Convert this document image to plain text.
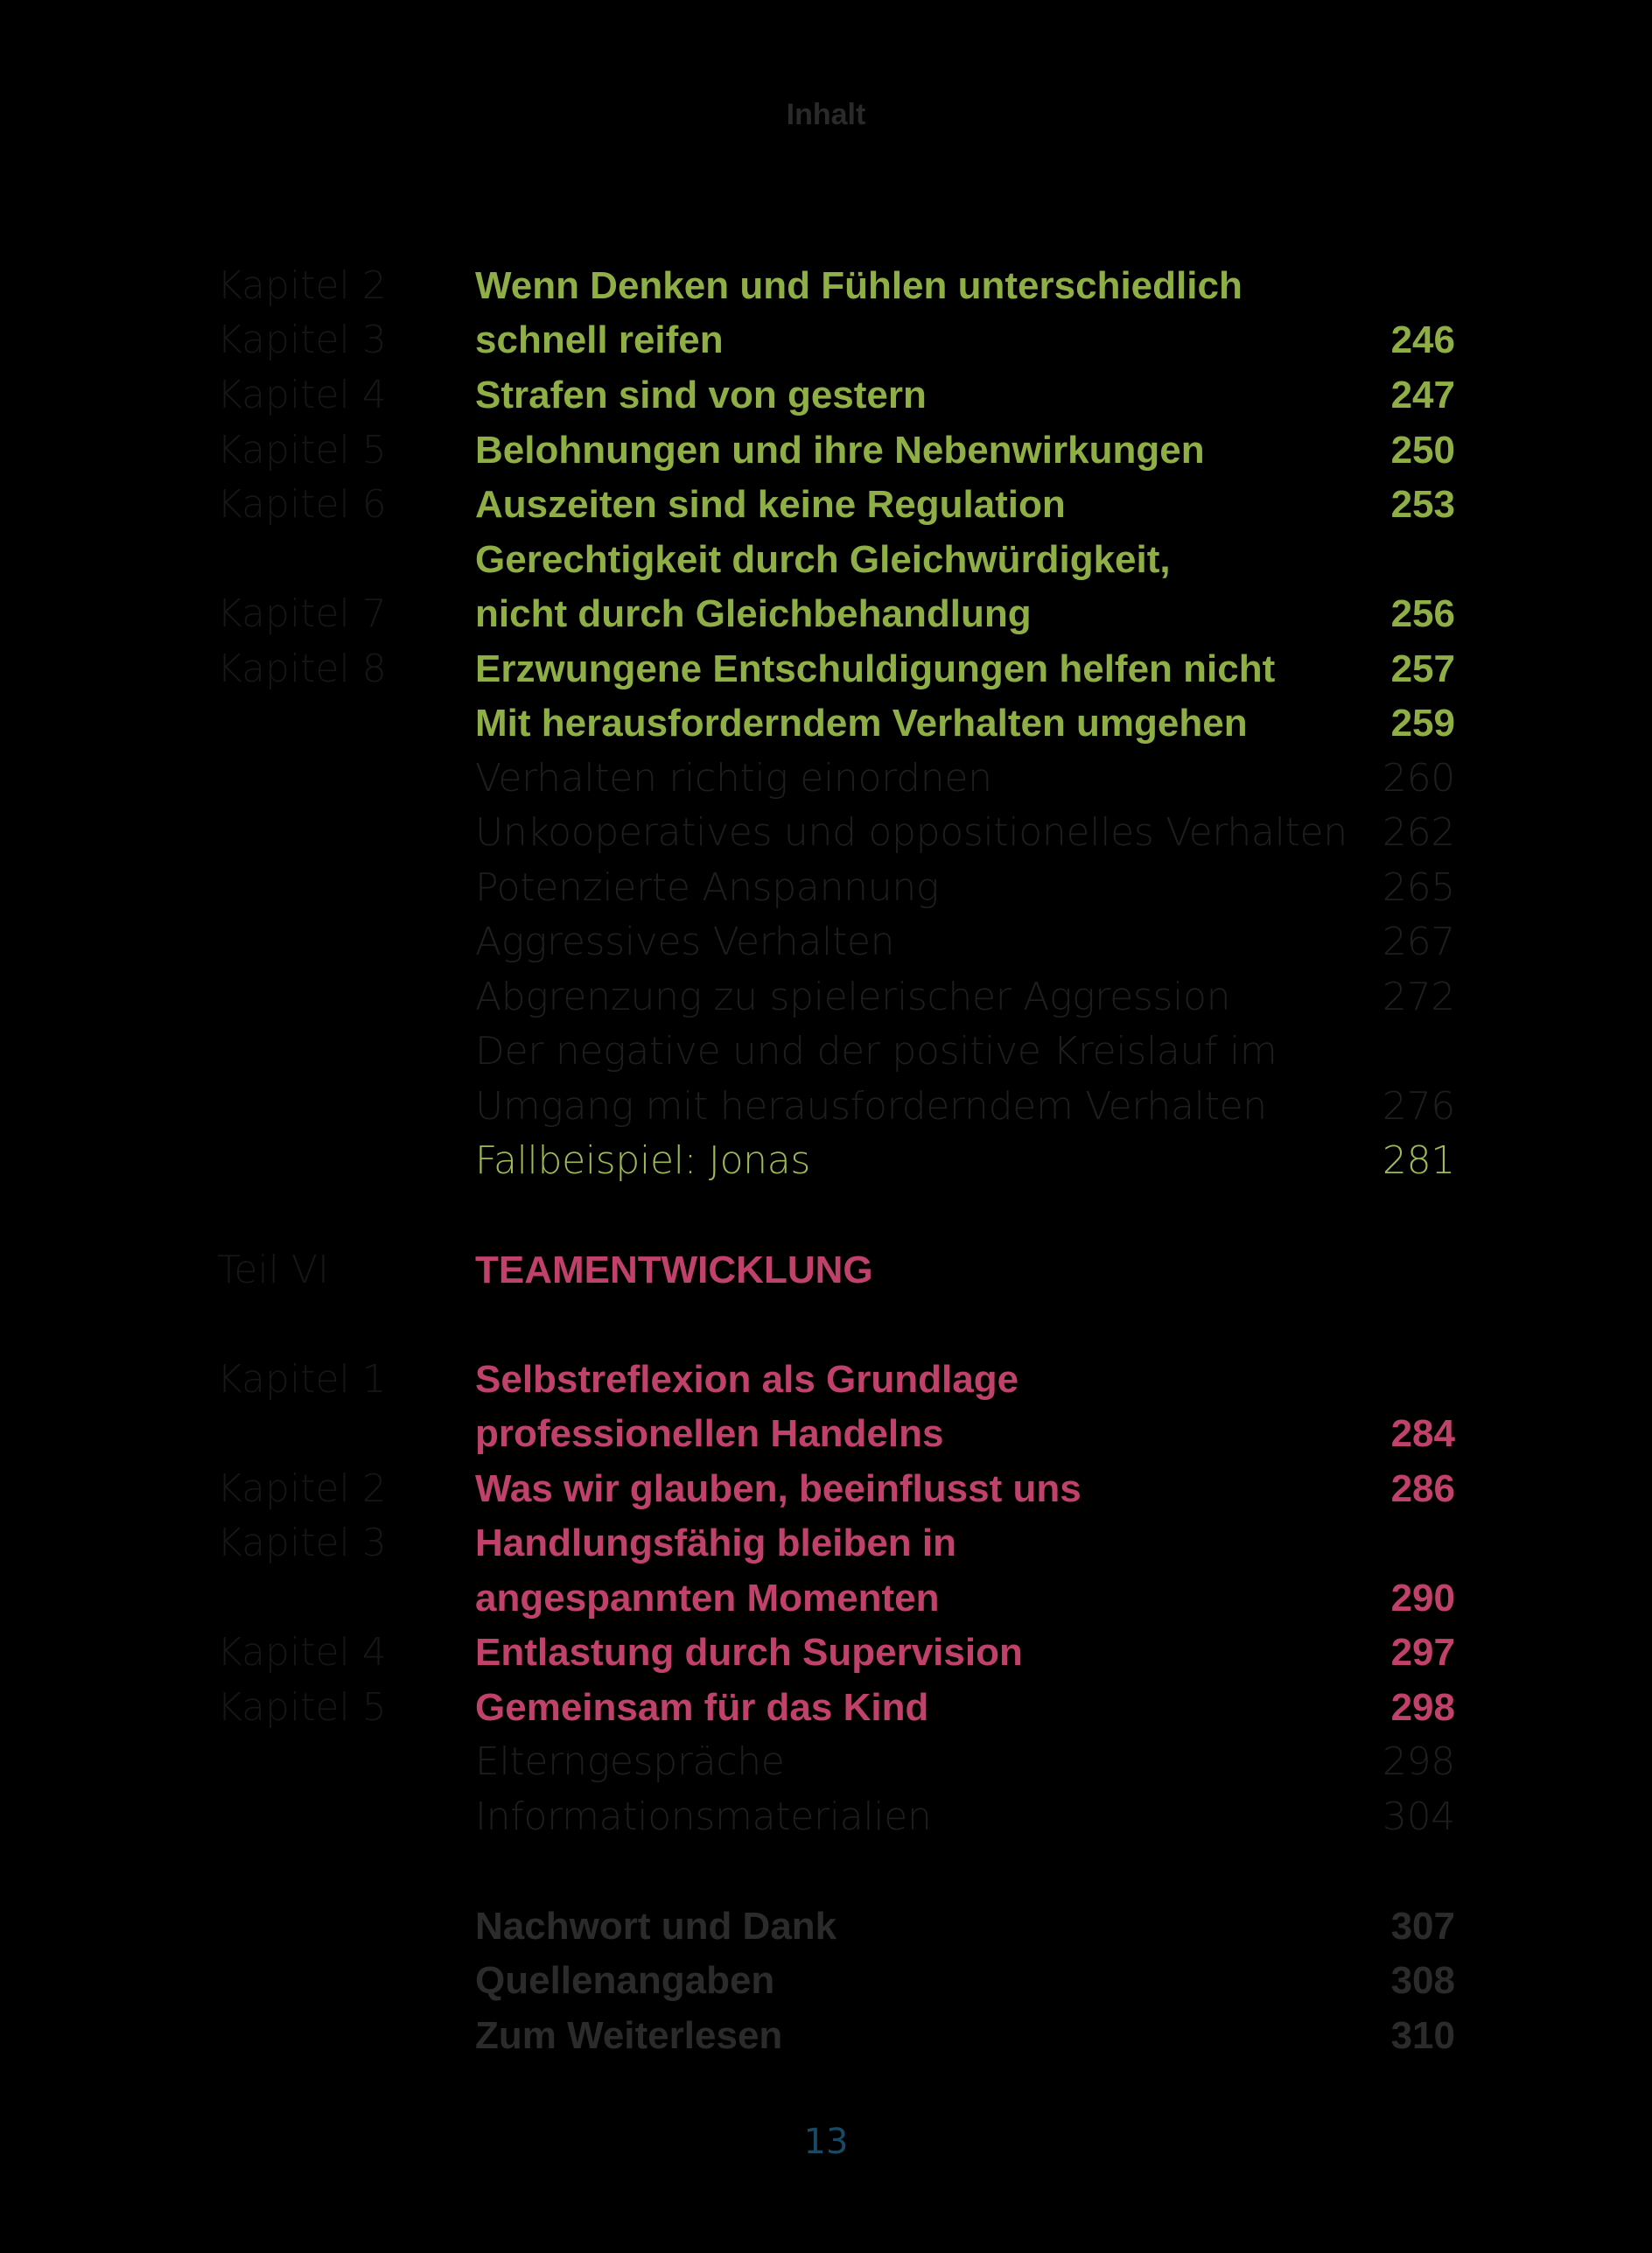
Inhalt
Kapitel 2 Wenn Denken und Fühlen unterschiedlich
Kapitel 3 schnell reifen	246
Kapitel 4 Strafen sind von gestern	247
Kapitel 5 Belohnungen und ihre Nebenwirkungen	250
Kapitel 6 Auszeiten sind keine Regulation	253
Gerechtigkeit durch Gleichwürdigkeit,
Kapitel 7 nicht durch Gleichbehandlung	256
Kapitel 8 Erzwungene Entschuldigungen helfen nicht	257
Mit herausforderndem Verhalten umgehen	259
Verhalten richtig einordnen	260
Unkooperatives und oppositionelles Verhalten 262
Potenzierte Anspannung	265
Aggressives Verhalten	267
Abgrenzung zu spielerischer Aggression	272
Der negative und der positive Kreislauf im
Umgang mit herausforderndem Verhalten	276
Fallbeispiel: Jonas	281
Teil VI	TEAMENTWICKLUNG
Kapitel 1 Selbstreflexion als Grundlage
professionellen Handelns	284
Kapitel 2 Was wir glauben, beeinflusst uns	286
Kapitel 3 Handlungsfähig bleiben in
angespannten Momenten	290
Kapitel 4 Entlastung durch Supervision	297
Kapitel 5 Gemeinsam für das Kind	298
Elterngespräche	298
Informationsmaterialien	304
Nachwort und Dank	307
Quellenangaben	308
Zum Weiterlesen	310
13
